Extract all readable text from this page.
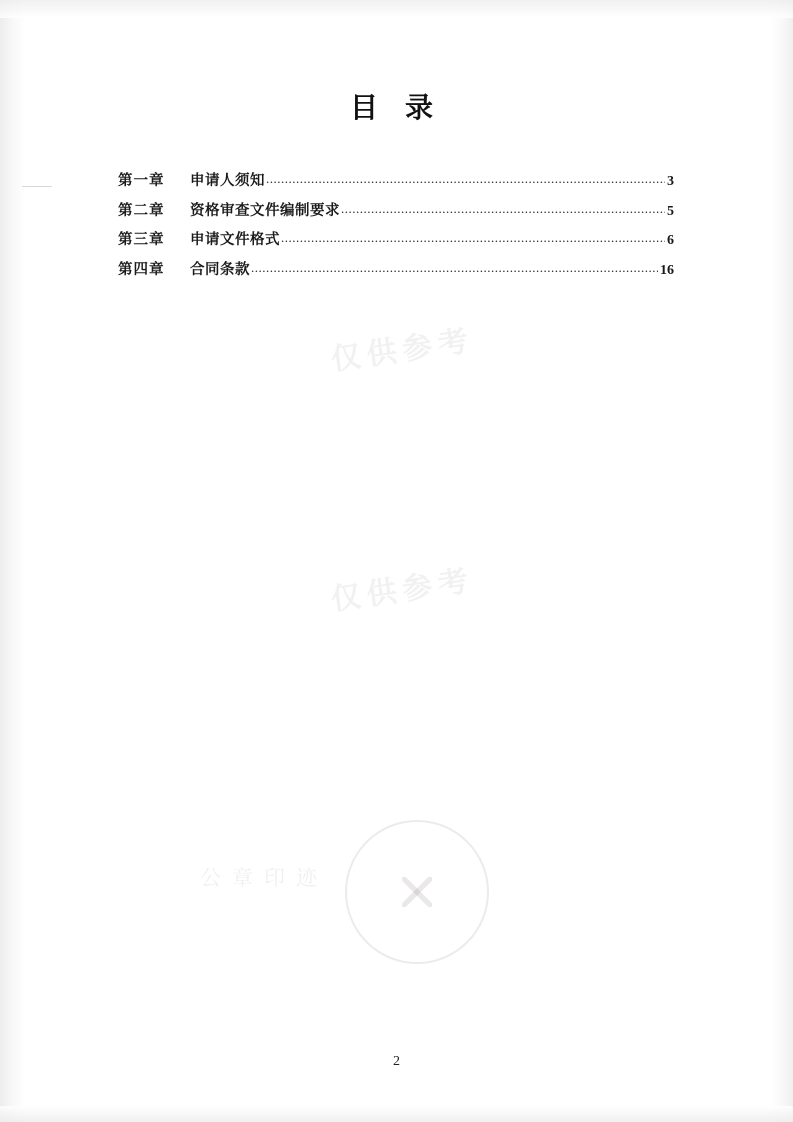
目 录
第一章	申请人须知 .....	3
第二章	资格审查文件编制要求 .....	5
第三章	申请文件格式 .....	6
第四章	合同条款 .....	16
仅供参考
仅供参考
公章印迹
2
